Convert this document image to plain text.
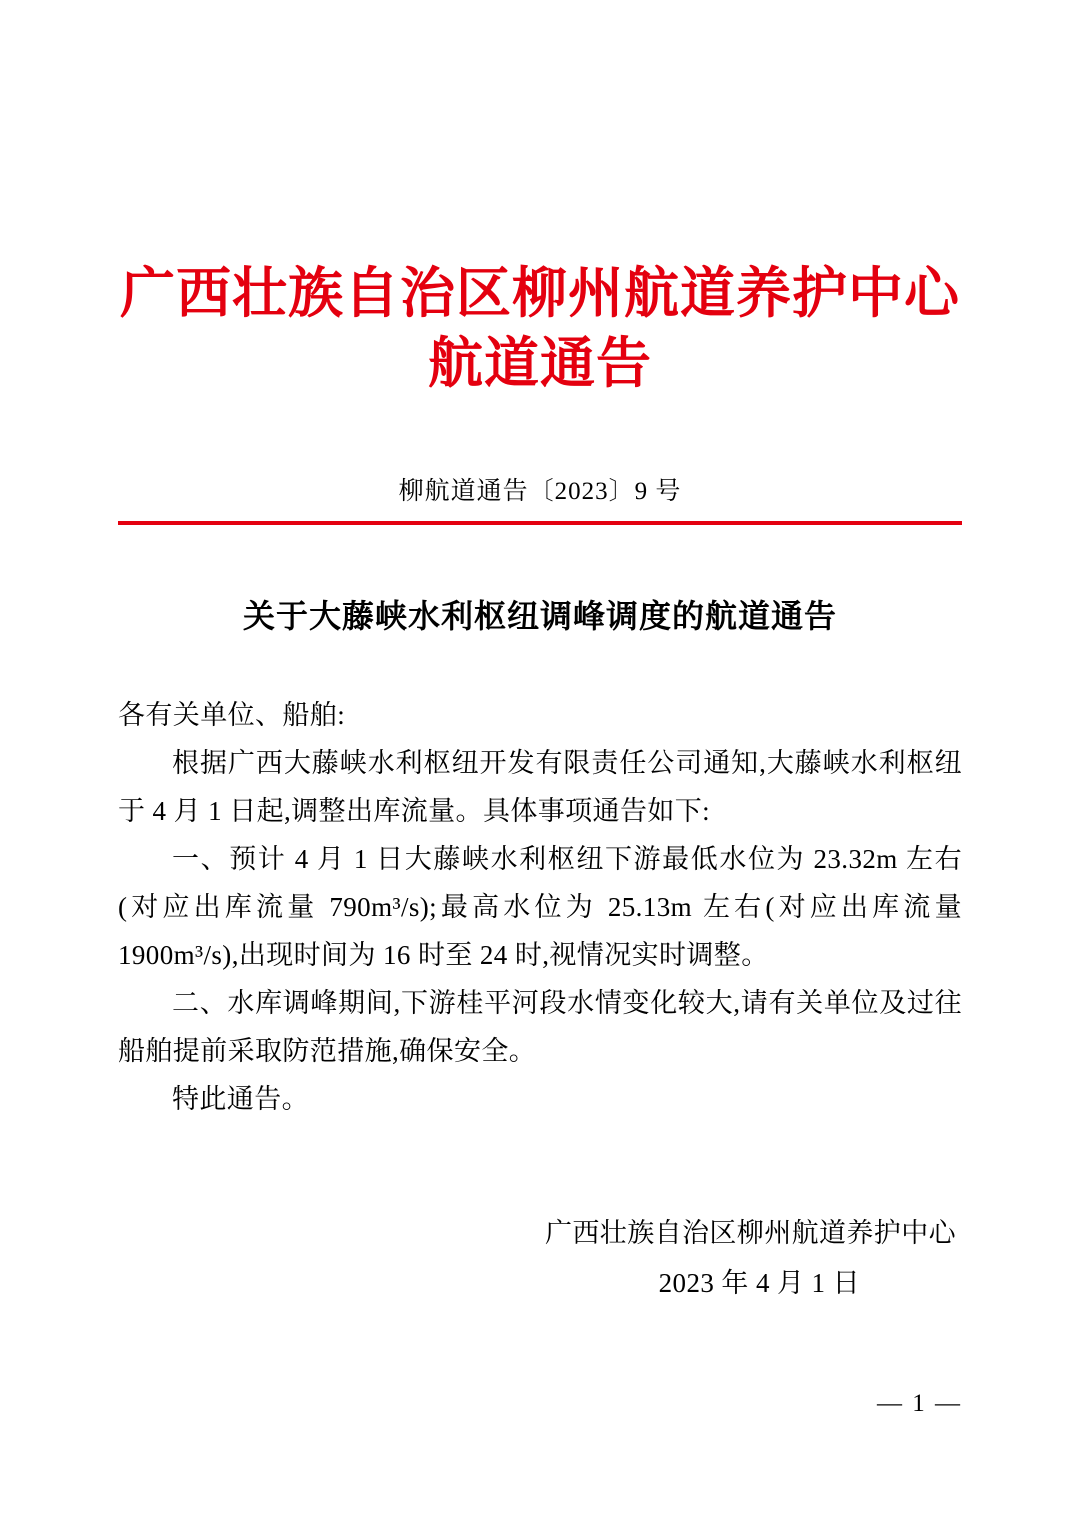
广西壮族自治区柳州航道养护中心
航道通告
柳航道通告〔2023〕9 号
关于大藤峡水利枢纽调峰调度的航道通告

各有关单位、船舶:

根据广西大藤峡水利枢纽开发有限责任公司通知,大藤峡水利枢纽于 4 月 1 日起,调整出库流量。具体事项通告如下:

一、预计 4 月 1 日大藤峡水利枢纽下游最低水位为 23.32m 左右(对应出库流量 790m³/s);最高水位为 25.13m 左右(对应出库流量 1900m³/s),出现时间为 16 时至 24 时,视情况实时调整。

二、水库调峰期间,下游桂平河段水情变化较大,请有关单位及过往船舶提前采取防范措施,确保安全。

特此通告。

广西壮族自治区柳州航道养护中心
2023 年 4 月 1 日
— 1 —
